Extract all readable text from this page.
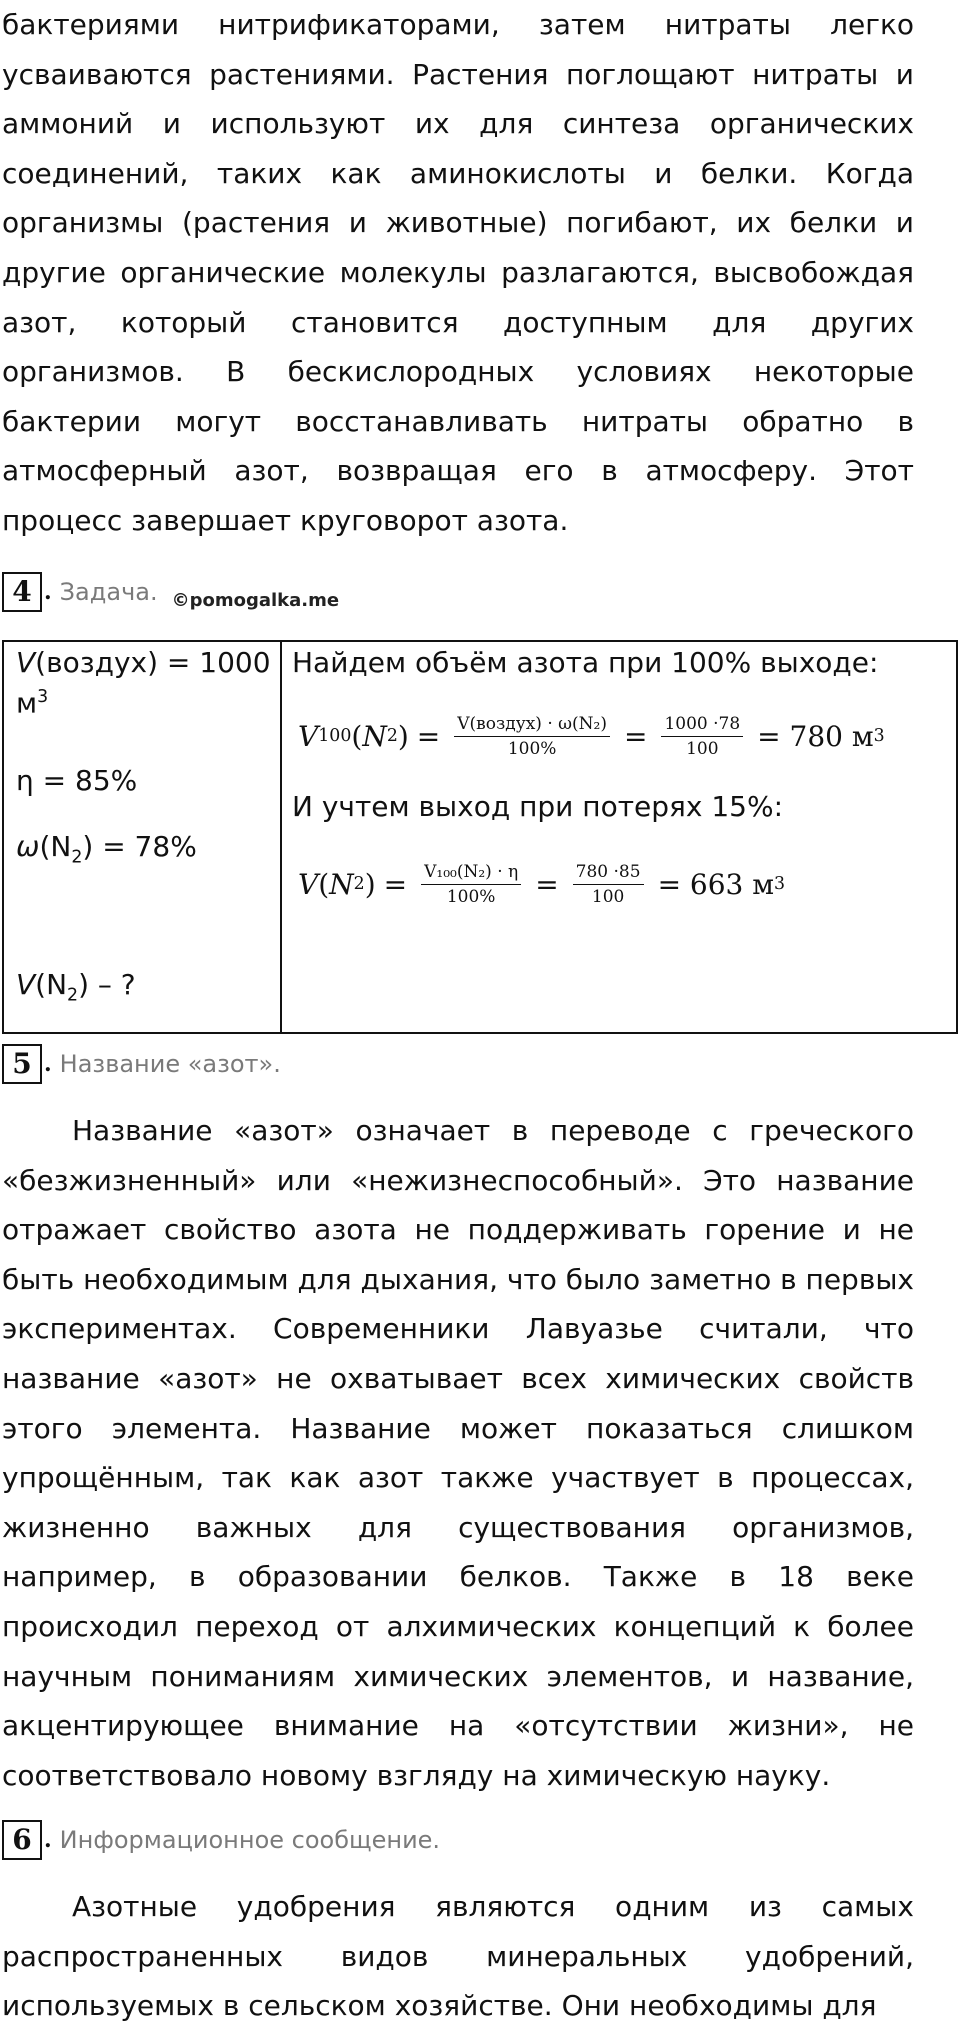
бактериями нитрификаторами, затем нитраты легко усваиваются растениями. Растения поглощают нитраты и аммоний и используют их для синтеза органических соединений, таких как аминокислоты и белки. Когда организмы (растения и животные) погибают, их белки и другие органические молекулы разлагаются, высвобождая азот, который становится доступным для других организмов. В бескислородных условиях некоторые бактерии могут восстанавливать нитраты обратно в атмосферный азот, возвращая его в атмосферу. Этот процесс завершает круговорот азота.

4 . Задача. ©pomogalka.me
V(воздух) = 1000
$м^3$
η = 85%
$\omega(N_2) = 78\%$
$V(N_2)$ – ?

Найдем объём азота при 100% выходе:
V 100 ( N 2 ) = $\frac{\text{V(воздух) · ω(N₂)}}{100\%} = \frac{1000 \cdot 78}{100} = 780$ м 3
И учтем выход при потерях 15%:
V ( N 2 ) = $\frac{\text{V₁₀₀(N₂) · η}}{100\%} = \frac{780 \cdot 85}{100} = 663$ м 3
5 . Название «азот».

Название «азот» означает в переводе с греческого «безжизненный» или «нежизнеспособный». Это название отражает свойство азота не поддерживать горение и не быть необходимым для дыхания, что было заметно в первых экспериментах. Современники Лавуазье считали, что название «азот» не охватывает всех химических свойств этого элемента. Название может показаться слишком упрощённым, так как азот также участвует в процессах, жизненно важных для существования организмов, например, в образовании белков. Также в 18 веке происходил переход от алхимических концепций к более научным пониманиям химических элементов, и название, акцентирующее внимание на «отсутствии жизни», не соответствовало новому взгляду на химическую науку.

6 . Информационное сообщение.

Азотные удобрения являются одним из самых распространенных видов минеральных удобрений, используемых в сельском хозяйстве. Они необходимы для
